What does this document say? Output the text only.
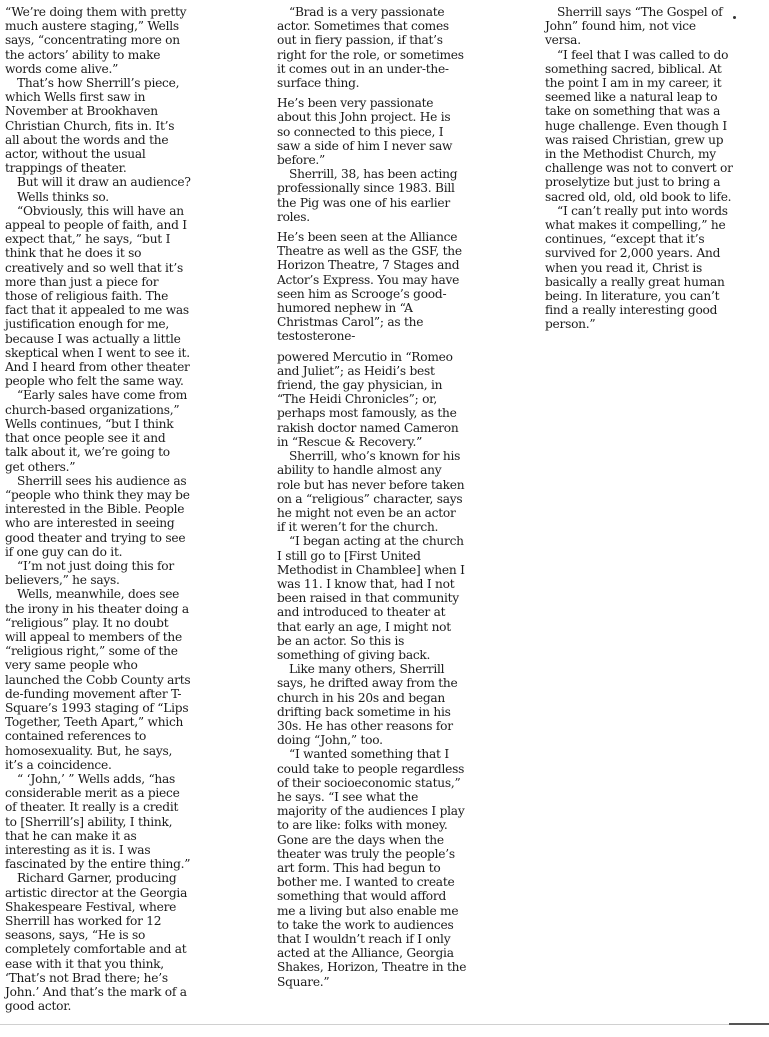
“We’re doing them with pretty much austere staging,” Wells says, “concentrating more on the actors’ ability to make words come alive.”

That’s how Sherrill’s piece, which Wells first saw in November at Brookhaven Christian Church, fits in. It’s all about the words and the actor, without the usual trappings of theater.

But will it draw an audience?

Wells thinks so.

“Obviously, this will have an appeal to people of faith, and I expect that,” he says, “but I think that he does it so creatively and so well that it’s more than just a piece for those of religious faith. The fact that it appealed to me was justification enough for me, because I was actually a little skeptical when I went to see it. And I heard from other theater people who felt the same way.

“Early sales have come from church-based organizations,” Wells continues, “but I think that once people see it and talk about it, we’re going to get others.”

Sherrill sees his audience as “people who think they may be interested in the Bible. People who are interested in seeing good theater and trying to see if one guy can do it.

“I’m not just doing this for believers,” he says.

Wells, meanwhile, does see the irony in his theater doing a “religious” play. It no doubt will appeal to members of the “religious right,” some of the very same people who launched the Cobb County arts de-funding movement after T-Square’s 1993 staging of “Lips Together, Teeth Apart,” which contained references to homosexuality. But, he says, it’s a coincidence.

“ ‘John,’ ” Wells adds, “has considerable merit as a piece of theater. It really is a credit to [Sherrill’s] ability, I think, that he can make it as interesting as it is. I was fascinated by the entire thing.”

Richard Garner, producing artistic director at the Georgia Shakespeare Festival, where Sherrill has worked for 12 seasons, says, “He is so completely comfortable and at ease with it that you think, ‘That’s not Brad there; he’s John.’ And that’s the mark of a good actor.

“Brad is a very passionate actor. Sometimes that comes out in fiery passion, if that’s right for the role, or sometimes it comes out in an under-the-surface thing.

He’s been very passionate about this John project. He is so connected to this piece, I saw a side of him I never saw before.”

Sherrill, 38, has been acting professionally since 1983. Bill the Pig was one of his earlier roles.

He’s been seen at the Alliance Theatre as well as the GSF, the Horizon Theatre, 7 Stages and Actor’s Express. You may have seen him as Scrooge’s good-humored nephew in “A Christmas Carol”; as the testosterone-

powered Mercutio in “Romeo and Juliet”; as Heidi’s best friend, the gay physician, in “The Heidi Chronicles”; or, perhaps most famously, as the rakish doctor named Cameron in “Rescue & Recovery.”

Sherrill, who’s known for his ability to handle almost any role but has never before taken on a “religious” character, says he might not even be an actor if it weren’t for the church.

“I began acting at the church I still go to [First United Methodist in Chamblee] when I was 11. I know that, had I not been raised in that community and introduced to theater at that early an age, I might not be an actor. So this is something of giving back.

Like many others, Sherrill says, he drifted away from the church in his 20s and began drifting back sometime in his 30s. He has other reasons for doing “John,” too.

“I wanted something that I could take to people regardless of their socioeconomic status,” he says. “I see what the majority of the audiences I play to are like: folks with money. Gone are the days when the theater was truly the people’s art form. This had begun to bother me. I wanted to create something that would afford me a living but also enable me to take the work to audiences that I wouldn’t reach if I only acted at the Alliance, Georgia Shakes, Horizon, Theatre in the Square.”

Sherrill says “The Gospel of John” found him, not vice versa.

“I feel that I was called to do something sacred, biblical. At the point I am in my career, it seemed like a natural leap to take on something that was a huge challenge. Even though I was raised Christian, grew up in the Methodist Church, my challenge was not to convert or proselytize but just to bring a sacred old, old, old book to life.

“I can’t really put into words what makes it compelling,” he continues, “except that it’s survived for 2,000 years. And when you read it, Christ is basically a really great human being. In literature, you can’t find a really interesting good person.”
